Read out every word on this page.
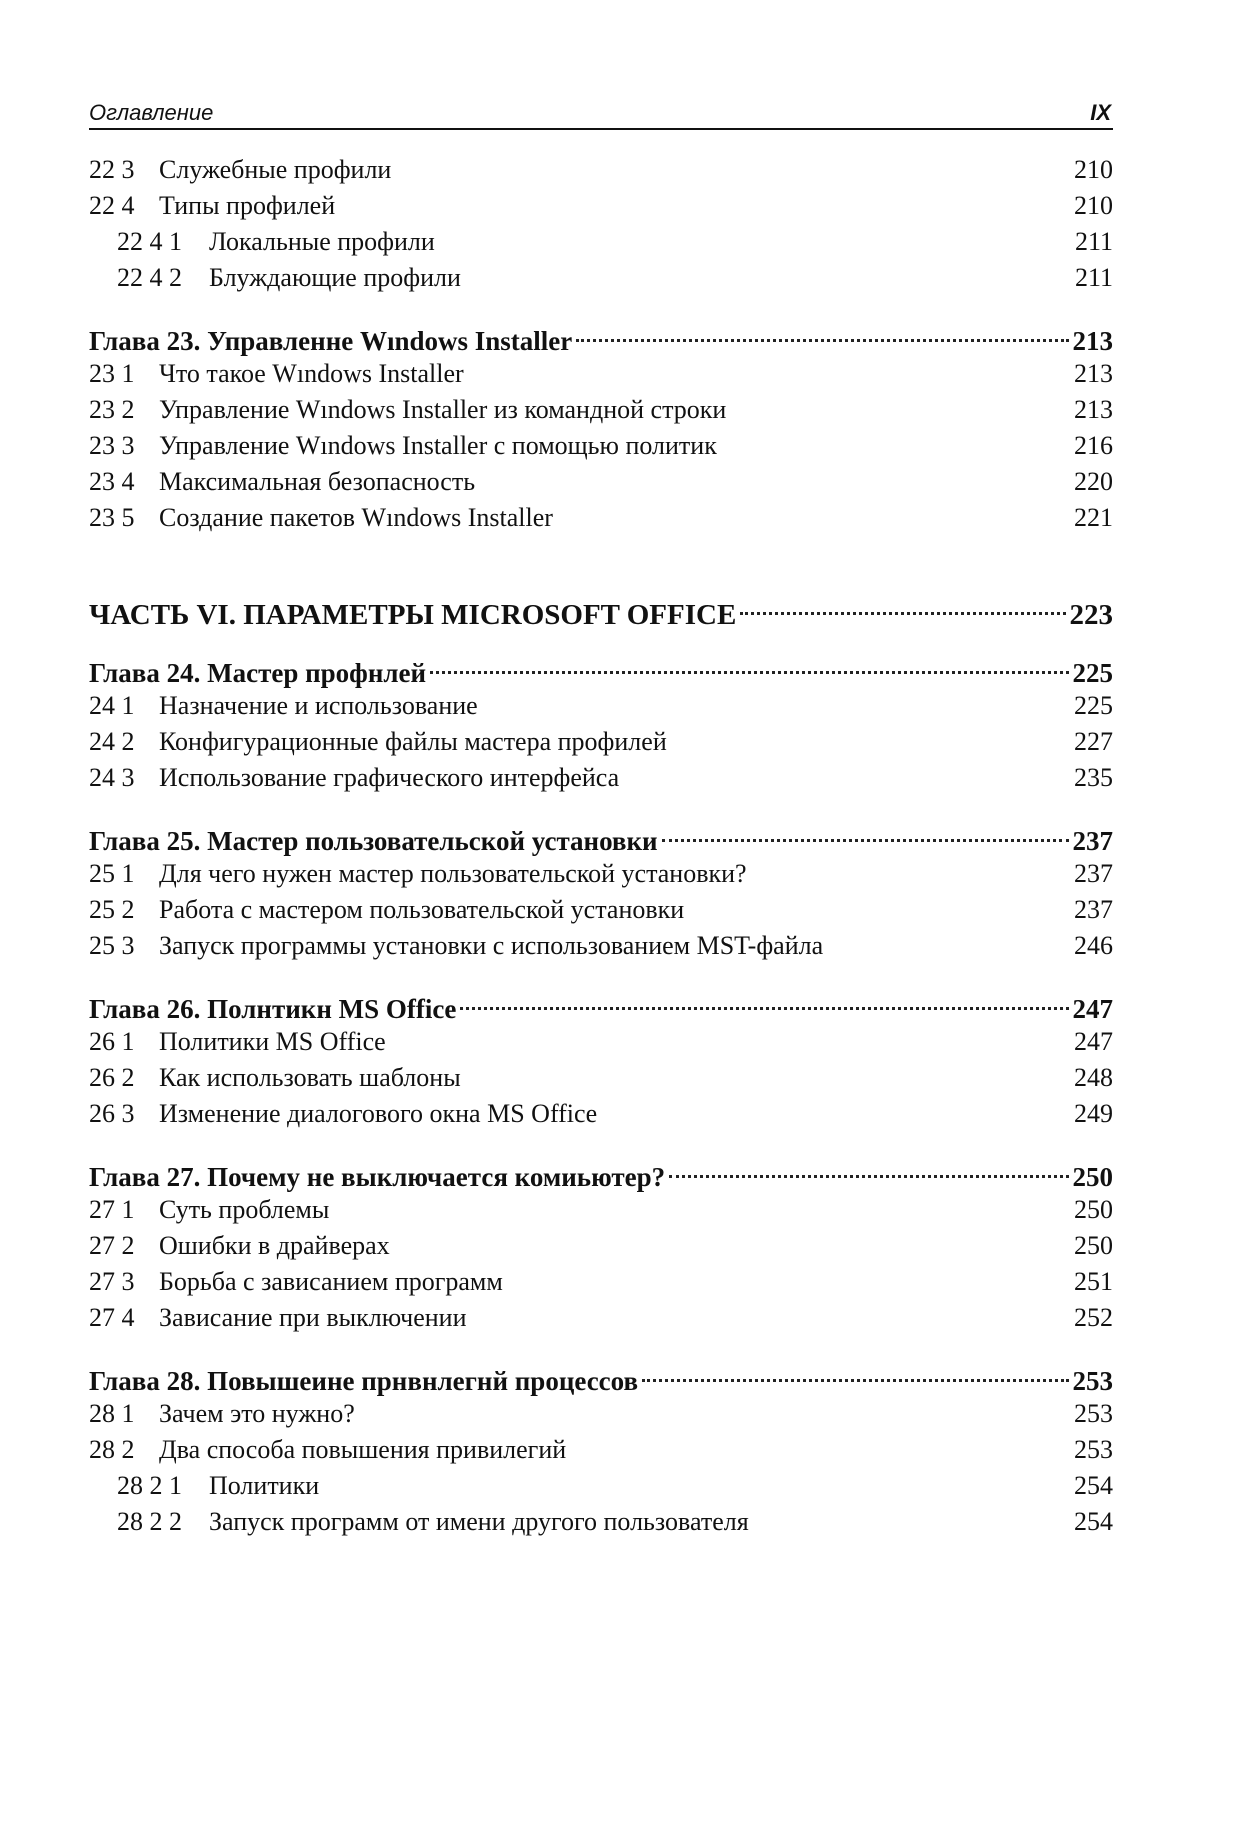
Оглавление	IX
22 3 Служебные профили	210
22 4 Типы профилей	210
22 4 1	Локальные профили	211
22 4 2	Блуждающие профили	211
Глава 23. Управленне Wındows Installer	213
23 1 Что такое Wındows Installer	213
23 2 Управление Wındows Installer из командной строки	213
23 3 Управление Wındows Installer с помощью политик	216
23 4 Максимальная безопасность	220
23 5 Создание пакетов Wındows Installer	221
ЧАСТЬ VI. ПАРАМЕТРЫ MICROSOFT OFFICE	223
Глава 24. Мастер профнлей	225
24 1 Назначение и использование	225
24 2 Конфигурационные файлы мастера профилей	227
24 3 Использование графического интерфейса	235
Глава 25. Мастер пользовательской установки	237
25 1 Для чего нужен мастер пользовательской установки?	237
25 2 Работа с мастером пользовательской установки	237
25 3 Запуск программы установки с использованием MST-файла	246
Глава 26. Полнтикн MS Office	247
26 1 Политики MS Office	247
26 2 Как использовать шаблоны	248
26 3 Изменение диалогового окна MS Office	249
Глава 27. Почему не выключается комиьютер?	250
27 1 Суть проблемы	250
27 2 Ошибки в драйверах	250
27 3 Борьба с зависанием программ	251
27 4 Зависание при выключении	252
Глава 28. Повышеине прнвнлегнй процессов	253
28 1 Зачем это нужно?	253
28 2 Два способа повышения привилегий	253
28 2 1	Политики	254
28 2 2	Запуск программ от имени другого пользователя	254
